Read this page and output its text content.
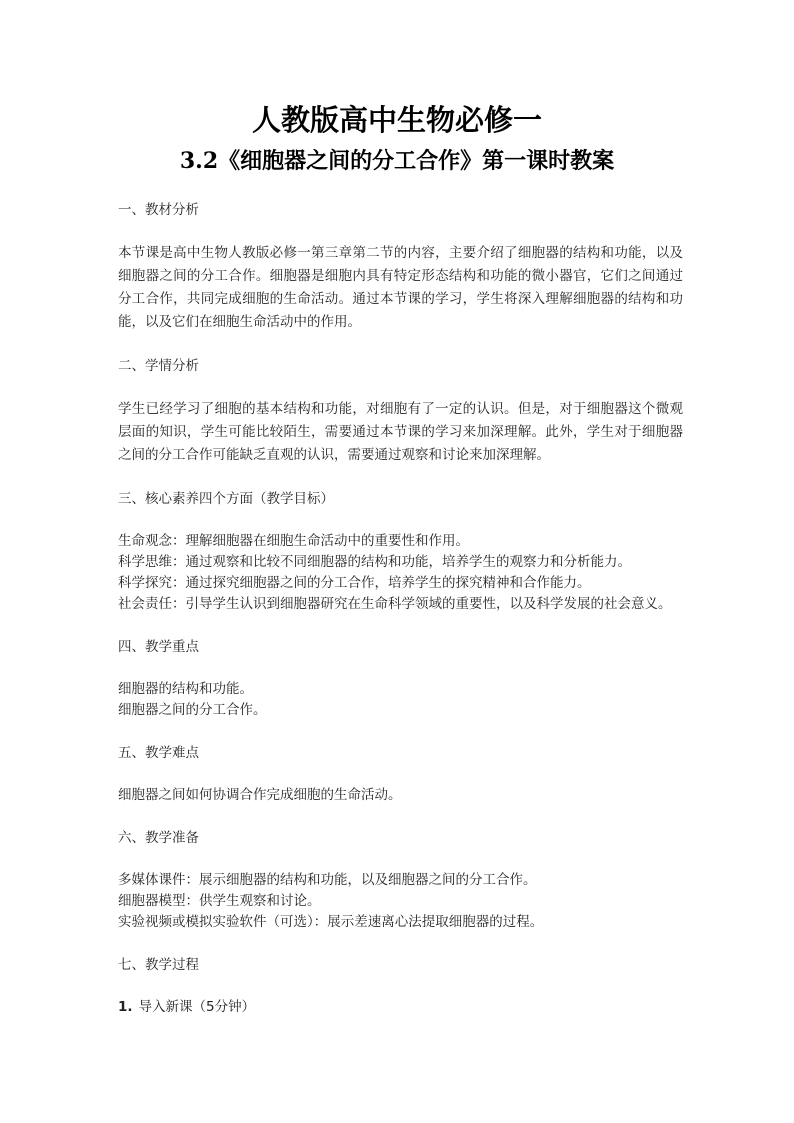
人教版高中生物必修一
3.2《细胞器之间的分工合作》第一课时教案
一、教材分析
本节课是高中生物人教版必修一第三章第二节的内容，主要介绍了细胞器的结构和功能，以及细胞器之间的分工合作。细胞器是细胞内具有特定形态结构和功能的微小器官，它们之间通过分工合作，共同完成细胞的生命活动。通过本节课的学习，学生将深入理解细胞器的结构和功能，以及它们在细胞生命活动中的作用。
二、学情分析
学生已经学习了细胞的基本结构和功能，对细胞有了一定的认识。但是，对于细胞器这个微观层面的知识，学生可能比较陌生，需要通过本节课的学习来加深理解。此外，学生对于细胞器之间的分工合作可能缺乏直观的认识，需要通过观察和讨论来加深理解。
三、核心素养四个方面（教学目标）
生命观念：理解细胞器在细胞生命活动中的重要性和作用。
科学思维：通过观察和比较不同细胞器的结构和功能，培养学生的观察力和分析能力。
科学探究：通过探究细胞器之间的分工合作，培养学生的探究精神和合作能力。
社会责任：引导学生认识到细胞器研究在生命科学领域的重要性，以及科学发展的社会意义。
四、教学重点
细胞器的结构和功能。
细胞器之间的分工合作。
五、教学难点
细胞器之间如何协调合作完成细胞的生命活动。
六、教学准备
多媒体课件：展示细胞器的结构和功能，以及细胞器之间的分工合作。
细胞器模型：供学生观察和讨论。
实验视频或模拟实验软件（可选）：展示差速离心法提取细胞器的过程。
七、教学过程
1. 导入新课（5分钟）
